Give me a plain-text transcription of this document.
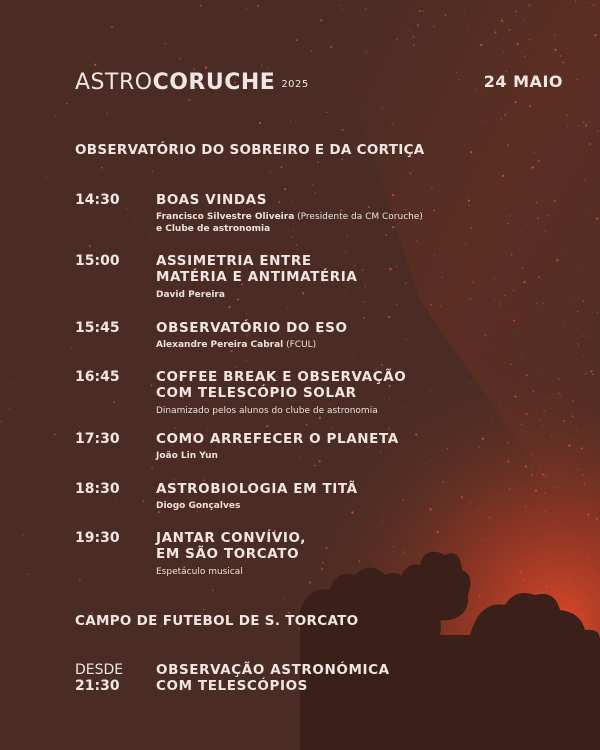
ASTROCORUCHE $^{2025}$	24 MAIO
OBSERVATÓRIO DO SOBREIRO E DA CORTIÇA
14:30	BOAS VINDAS
Francisco Silvestre Oliveira (Presidente da CM Coruche)
e Clube de astronomia
15:00	ASSIMETRIA ENTRE
MATÉRIA E ANTIMATÉRIA
David Pereira
15:45	OBSERVATÓRIO DO ESO
Alexandre Pereira Cabral (FCUL)
16:45	COFFEE BREAK E OBSERVAÇÃO
COM TELESCÓPIO SOLAR
Dinamizado pelos alunos do clube de astronomia
17:30	COMO ARREFECER O PLANETA
João Lin Yun
18:30	ASTROBIOLOGIA EM TITÃ
Diogo Gonçalves
19:30	JANTAR CONVÍVIO,
EM SÃO TORCATO
Espetáculo musical
CAMPO DE FUTEBOL DE S. TORCATO
DESDE
21:30
OBSERVAÇÃO ASTRONÓMICA
COM TELESCÓPIOS
